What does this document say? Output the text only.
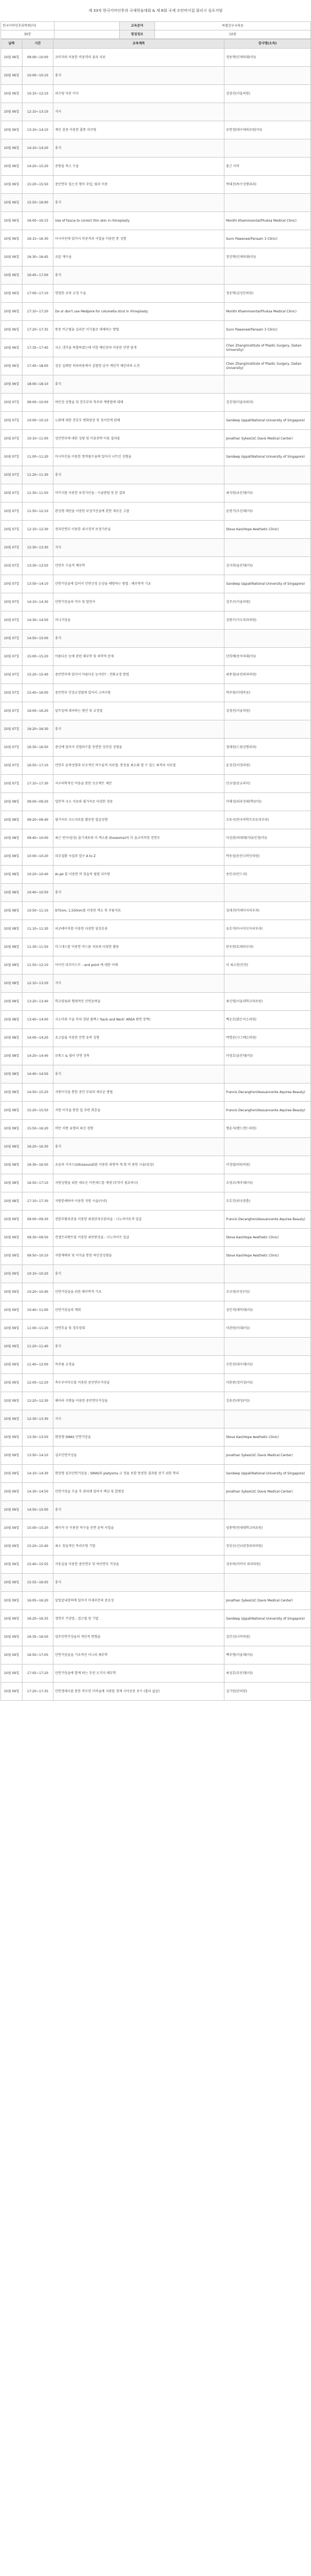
제 33차 한국이비인후과 국제학술대회 & 제 6회 국제 조안비이집 콜리시 심포지엄
한국이비인후과학회(이)		교육분야	특별강구국의론
30분		평점정보	10점
날짜	시간	교육제목	강사명(소속)
10월 06일	09:00~10:00	코비저의 이용한 비중격의 올리 치료	정용혁(인제의대(이))
10월 06일	10:00~10:10	휴식	
10월 06일	10:10~12:10	리프팅 자문 이사	김영진(서울의원)
10월 06일	12:10~13:10	식사	
10월 06일	13:10~14:10	재인 삼중 이용한 폴통 리프팅	송현정(대구대의료원(이))
10월 06일	14:10~14:20	휴식	
10월 06일	14:20~15:20	콧방울 축소 수술	홍근 이비
10월 06일	15:20~15:50	중안면부 있는것 형미 주입; 필러 이용	박대진(특수성형외과)
10월 06일	15:50~16:00	휴식	
10월 06일	16:00~16:15	Use of fascia to correct thin skin in rhinoplasty	Monthi Khammoonta(Phuksa Medical Clinic)
10월 06일	16:15~16:30	아시아인에 있어서 비중격과 사업을 이용한 통 성형	Sunn Pawanee(Pansam 3 Clinic)
10월 06일	16:30~16:45	코끝 재수술	정진혁(인제의대(이))
10월 06일	16:45~17:00	휴식	
10월 06일	17:00~17:10	연령한 코의 교정 수술	정동혁(김성민의원)
10월 06일	17:10~17:20	Do or don't use Medpore for columella strut in rhinoplasty	Monthi Khammoonta(Phuksa Medical Clinic)
10월 06일	17:20~17:35	통증 비근벌을 실리콘 이식물로 대체하는 방법	Sunn Pawanee(Pansam 3 Clinic)
10월 06일	17:35~17:45	국소 냉각을 특발하였는데 미한 예민증의 이용한 안면 덮개	Chen Zhang(Institute of Plastic Surgery, Dalian University)
10월 06일	17:45~18:00	성공 실패한 피파의용에서 실험한 남자 계안작 제안과의 소견	Chen Zhang(Institute of Plastic Surgery, Dalian University)
10월 06일	18:00~18:10	휴식	
10월 07일	09:00~10:00	하안검 성형술 및 전호부의 축주와 재방법에 대해	김진영(미클리외과)
10월 07일	10:00~10:10	노화에 대한 전호부 변화양상 및 정서안에 관해	Sandeep Uppal(National University of Singapore)
10월 07일	10:10~11:00	상안면부에 대한 성당 및 미용전략 이용 결과물	Jonathan Sykes(UC Davis Medical Center)
10월 07일	11:00~11:20	아시아인을 이용한 쌍꺼풀수술에 있어서 나트인 성형술	Sandeep Uppal(National University of Singapore)
10월 07일	11:20~11:30	휴식	
10월 07일	11:30~11:50	이미지를 이용한 보정가산술 : 수술방법 및 분 결과	최지원(초산대(이))
10월 07일	11:50~12:10	완성형 재탄을 이용한 보정가산술에 관한 새로운 고찰	윤범기(조선대(이))
10월 07일	12:10~12:30	전과안면부 이용한 내시경적 보정가산술	Steve Kao(Hope Aesthetic Clinic)
10월 07일	12:30~13:30	식사	
10월 07일	13:30~13:50	안면부 수술적 해부학	김지희(울산대(이))
10월 07일	13:50~14:10	안면거상술에 있어서 안면신경 손상을 예방하는 방법 : 해부학적 기초	Sandeep Uppal(National University of Singapore)
10월 07일	14:10~14:30	안면거상술의 역사 및 발전사	김주곤(서울의원)
10월 07일	14:30~14:50	미니거상술	김범수(가오피과의원)
10월 07일	14:50~15:00	휴식	
10월 07일	15:00~15:20	아름다운 눈매 관련 해부학 및 의학적 문제	안희배(동아의대(이))
10월 07일	15:20~15:40	중안면부에 있어서 아름다운 눈이란? : 전화교정 방법	최종철(유연외과의원)
10월 07일	15:40~16:00	중안면부 안검교정법에 있어서 고려사항	박주창(이대목동)
10월 07일	16:00~16:20	앞트임에 대처하는 방안 및 교정법	김영진(서울의원)
10월 07일	16:20~16:30	휴식	
10월 07일	16:30~16:50	중년에 있어서 전엽하수를 동반한 상안검 성형술	정대원(드림성형외과)
10월 07일	16:50~17:10	안면부 윤곽성형과 보조적인 비수술적 치료법: 통증을 최소화 할 수 있는 최적의 치료법	윤정진(서경의원)
10월 07일	17:10~17:30	지구의학적인 비용을 통한 프로젝트 제안	안규영(동교라이)
10월 08일	09:00~09:20	일반적 국소 치료와 필가씨로 다양한 정용	이해성(외과성대(학)(이))
10월 08일	09:20~09:40	필가씨로 국소치료를 활동한 얼굴성형	조동국(한국의학프로토피부과)
10월 08일	09:40~10:00	최근 연구(임상/ 줄기세포와 미 엑소좀 (Exosome)의 미 술교적적정 진면모	이상관(의대대(이))(인경(이))
10월 08일	10:00~10:20	피부질환 사설과 업구 A to Z	박동섭(동산나비인의원)
10월 08일	10:20~10:40	Ar-jet 를 이용한 비 침습적 필렬 리프팅	송민규(만드리)
10월 08일	10:40~10:50	휴식	
10월 08일	10:50~11:10	975nm, 1,550nm를 이용한 색소 및 주름치료	김대진(미래미서피부과)
10월 08일	11:10~11:30	피코레이저를 이용한 다양한 임상응용	유호석(아시아모아피부과)
10월 08일	11:30~11:50	마그네스를 이용한 여드름 치료와 다양한 활용	한우원(토테피부과)
10월 08일	11:50~12:10	아이언 피부미스트 - and point 에 대한 이해	이 최소한(인연)
10월 08일	12:10~13:20	식사	
10월 08일	13:20~13:40	학교양표와 형태적인 안면윤곽술	최신명(서울대학교의료원)
10월 08일	13:40~14:00	국소마취 수술 후의 상담 툴팩 ( 'back and Neck' AREA 편면 장벽)	백순호(밝은미소의원)
10월 08일	14:00~14:20	초고밀율 이용한 안면 윤곽 성형	박명준(시그베르의원)
10월 08일	14:20~14:40	보톡스 & 필러 안면 정축	이영호(울산대(이))
10월 08일	14:40~14:50	휴식	
10월 08일	14:50~15:20	지방이식을 통한 중안 부위의 새로운 방법	Francis Decanghon(Assuancente Aquirea Beauty)
10월 08일	15:20~15:50	지방 이식을 통한 입 주변 회춘술	Francis Decanghon(Assuancente Aquirea Beauty)
10월 08일	15:50~16:20	비만 처방 유형의 최신 경향	맹윤지(핸드앤드의원)
10월 08일	16:20~16:30	휴식	
10월 08일	16:30~16:50	초음파 가이드(Ultrasound)를 이용한 외향적 계 회 비 관한 시술(임상)	이정엽(의원의원)
10월 08일	16:50~17:10	지방성형을 위한 새로운 이빈세드를 재생 (무엇이 필요하나)	조영조(제주대(이))
10월 08일	17:10~17:30	지방분해하여 이용한 지방 시술(사리)	조호진(외국관흡)
10월 09일	09:00~09:30	전완부탈피증을 이용한 최첨단피부관리술 : 나노마이토적 얼굴	Francis Decanghon(Assuancente Aquirea Beauty)
10월 09일	09:30~09:50	컨셉트리벤트를 이용한 최만편성술 : 나노마이트 밀굴	Steve Kao(Hope Aesthetic Clinic)
10월 09일	09:50~10:10	지방재배치 및 이식을 통한 하안검성형술	Steve Kao(Hope Aesthetic Clinic)
10월 09일	10:10~10:20	휴식	
10월 09일	10:20~10:40	안면거상술을 위한 해부학적 기초	조규영(부산(이))
10월 09일	10:40~11:00	안면거상술의 계획	김민석(대비대(이))
10월 09일	11:00~11:20	안면후술 및 경부양대	이관원(이대(이))
10월 09일	11:20~11:40	휴식	
10월 09일	11:40~12:00	목주름 교정술	조한진(대사대(이))
10월 09일	12:00~12:20	축두부이마모를 이용한 중안면부거상술	이완종(정이성(이))
10월 09일	12:20~12:30	헤어라 지방을 이용한 중안면부거상술	김용준(대성(이))
10월 09일	12:30~13:30	식사	
10월 09일	13:30~13:50	확장형 SMAS 안면거상술	Steve Kao(Hope Aesthetic Clinic)
10월 09일	13:50~14:10	심부안면거상술	Jonathan Sykes(UC Davis Medical Center)
10월 09일	14:10~14:30	확장형 심부안면거상술 : SMAS와 platysma 교 정을 포함 통양한 결과를 얻기 위한 학리	Sandeep Uppal(National University of Singapore)
10월 09일	14:30~14:50	안면거상술 수술 후 관리에 있어서 핵심 및 합병증	Jonathan Sykes(UC Davis Medical Center)
10월 09일	14:50~15:00	휴식	
10월 09일	15:00~15:20	레이저 등 이용한 비수술 안면 윤곽 사업술	임종학(연세대학교의료원)
10월 09일	15:20~15:40	최소 침습적인 목리프팅 기법	장상승(신뇌양정외과의원)
10월 09일	15:40~15:55	자동실을 이용한 중안면부 및 하안면부 거상술	성동하(이비이 외과의원)
10월 09일	15:55~16:05	휴식	
10월 09일	16:05~16:20	앞얼굴내경하에 있어서 미세부분의 중요성	Jonathan Sykes(UC Davis Medical Center)
10월 09일	16:20~16:35	정면부 거상법 : 접근법 및 기법	Sandeep Uppal(National University of Singapore)
10월 09일	16:35~16:50	삼부안면거상술의 개인적 변형술	김안신(나비의원)
10월 09일	16:50~17:05	안면거상술을 기초적인 이니리 해부학	백주명(서울대(이))
10월 09일	17:05~17:20	안면거상술에 함께 하는 부연 오거지 해부학	최성호(부산대(이))
10월 09일	17:20~17:35	안면생체시를 통한 축두연 미비술에 지판를 경계 시아공동 보수 (흉터 없음)	김기원(단의원)
